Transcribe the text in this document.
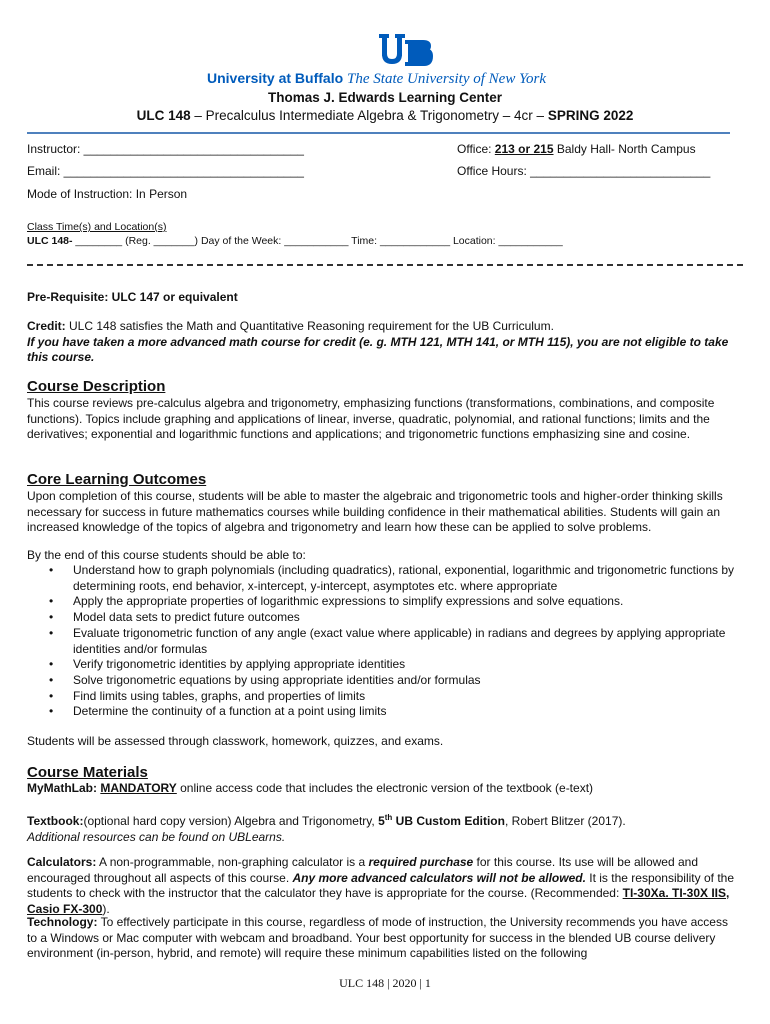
University at Buffalo The State University of New York
Thomas J. Edwards Learning Center
ULC 148 – Precalculus Intermediate Algebra & Trigonometry – 4cr – SPRING 2022
Instructor: _________________________________	Office: 213 or 215 Baldy Hall- North Campus
Email: ____________________________________	Office Hours: ___________________________
Mode of Instruction: In Person
Class Time(s) and Location(s)
ULC 148- ________ (Reg. _______) Day of the Week: ___________ Time: ____________ Location: ___________
Pre-Requisite: ULC 147 or equivalent
Credit: ULC 148 satisfies the Math and Quantitative Reasoning requirement for the UB Curriculum.
If you have taken a more advanced math course for credit (e. g. MTH 121, MTH 141, or MTH 115), you are not eligible to take this course.
Course Description
This course reviews pre-calculus algebra and trigonometry, emphasizing functions (transformations, combinations, and composite functions). Topics include graphing and applications of linear, inverse, quadratic, polynomial, and rational functions; limits and the derivatives; exponential and logarithmic functions and applications; and trigonometric functions emphasizing sine and cosine.
Core Learning Outcomes
Upon completion of this course, students will be able to master the algebraic and trigonometric tools and higher-order thinking skills necessary for success in future mathematics courses while building confidence in their mathematical abilities. Students will gain an increased knowledge of the topics of algebra and trigonometry and learn how these can be applied to solve problems.
By the end of this course students should be able to:
• Understand how to graph polynomials (including quadratics), rational, exponential, logarithmic and trigonometric functions by determining roots, end behavior, x-intercept, y-intercept, asymptotes etc. where appropriate
• Apply the appropriate properties of logarithmic expressions to simplify expressions and solve equations.
• Model data sets to predict future outcomes
• Evaluate trigonometric function of any angle (exact value where applicable) in radians and degrees by applying appropriate identities and/or formulas
• Verify trigonometric identities by applying appropriate identities
• Solve trigonometric equations by using appropriate identities and/or formulas
• Find limits using tables, graphs, and properties of limits
• Determine the continuity of a function at a point using limits
Students will be assessed through classwork, homework, quizzes, and exams.
Course Materials
MyMathLab: MANDATORY online access code that includes the electronic version of the textbook (e-text)
Textbook:(optional hard copy version) Algebra and Trigonometry, 5th UB Custom Edition, Robert Blitzer (2017).
Additional resources can be found on UBLearns.
Calculators: A non-programmable, non-graphing calculator is a required purchase for this course. Its use will be allowed and encouraged throughout all aspects of this course. Any more advanced calculators will not be allowed. It is the responsibility of the students to check with the instructor that the calculator they have is appropriate for the course. (Recommended: TI-30Xa. TI-30X IIS, Casio FX-300).
Technology: To effectively participate in this course, regardless of mode of instruction, the University recommends you have access to a Windows or Mac computer with webcam and broadband. Your best opportunity for success in the blended UB course delivery environment (in-person, hybrid, and remote) will require these minimum capabilities listed on the following
ULC 148 | 2020 | 1
